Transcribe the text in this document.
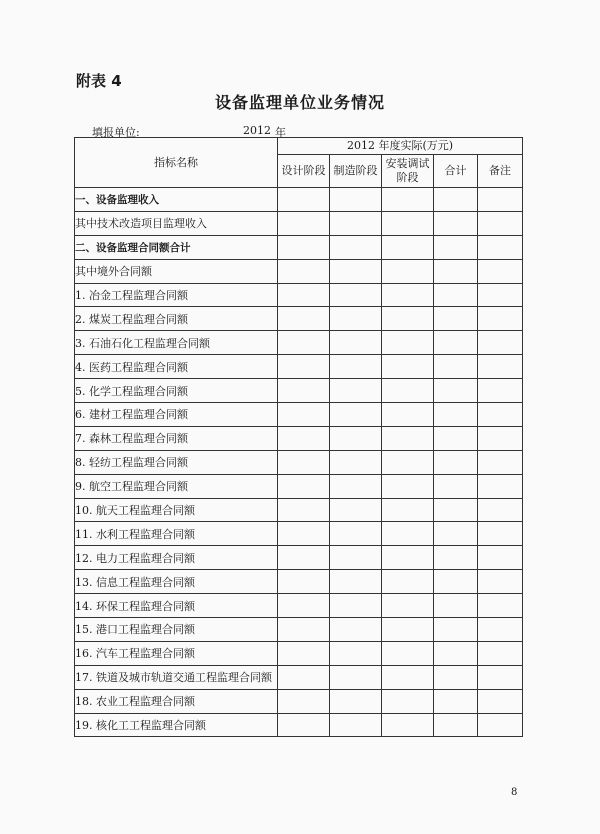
附表 4
设备监理单位业务情况
填报单位:	2012 年
指标名称	2012 年度实际(万元)				
	设计阶段	制造阶段	安装调试阶段	合计	备注
一、设备监理收入					
其中技术改造项目监理收入					
二、设备监理合同额合计					
其中境外合同额					
1. 冶金工程监理合同额					
2. 煤炭工程监理合同额					
3. 石油石化工程监理合同额					
4. 医药工程监理合同额					
5. 化学工程监理合同额					
6. 建材工程监理合同额					
7. 森林工程监理合同额					
8. 轻纺工程监理合同额					
9. 航空工程监理合同额					
10. 航天工程监理合同额					
11. 水利工程监理合同额					
12. 电力工程监理合同额					
13. 信息工程监理合同额					
14. 环保工程监理合同额					
15. 港口工程监理合同额					
16. 汽车工程监理合同额					
17. 铁道及城市轨道交通工程监理合同额					
18. 农业工程监理合同额					
19. 核化工工程监理合同额					
8
